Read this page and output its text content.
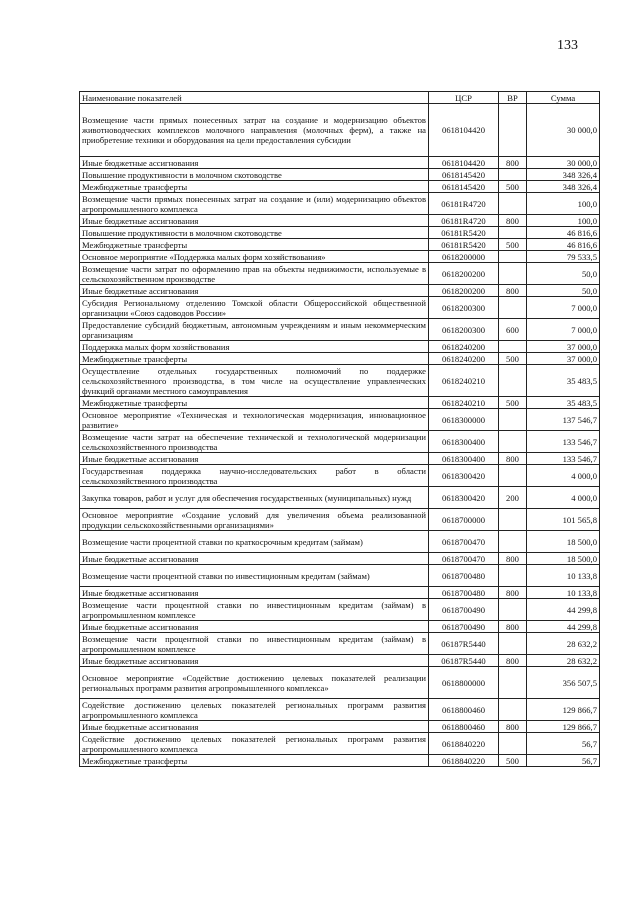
133
Наименование показателей	ЦСР	ВР	Сумма
Возмещение части прямых понесенных затрат на создание и модернизацию объектов животноводческих комплексов молочного направления (молочных ферм), а также на приобретение техники и оборудования на цели предоставления субсидии	0618104420		30 000,0
Иные бюджетные ассигнования	0618104420	800	30 000,0
Повышение продуктивности в молочном скотоводстве	0618145420		348 326,4
Межбюджетные трансферты	0618145420	500	348 326,4
Возмещение части прямых понесенных затрат на создание и (или) модернизацию объектов агропромышленного комплекса	06181R4720		100,0
Иные бюджетные ассигнования	06181R4720	800	100,0
Повышение продуктивности в молочном скотоводстве	06181R5420		46 816,6
Межбюджетные трансферты	06181R5420	500	46 816,6
Основное мероприятие «Поддержка малых форм хозяйствования»	0618200000		79 533,5
Возмещение части затрат по оформлению прав на объекты недвижимости, используемые в сельскохозяйственном производстве	0618200200		50,0
Иные бюджетные ассигнования	0618200200	800	50,0
Субсидия Региональному отделению Томской области Общероссийской общественной организации «Союз садоводов России»	0618200300		7 000,0
Предоставление субсидий бюджетным, автономным учреждениям и иным некоммерческим организациям	0618200300	600	7 000,0
Поддержка малых форм хозяйствования	0618240200		37 000,0
Межбюджетные трансферты	0618240200	500	37 000,0
Осуществление отдельных государственных полномочий по поддержке сельскохозяйственного производства, в том числе на осуществление управленческих функций органами местного самоуправления	0618240210		35 483,5
Межбюджетные трансферты	0618240210	500	35 483,5
Основное мероприятие «Техническая и технологическая модернизация, инновационное развитие»	0618300000		137 546,7
Возмещение части затрат на обеспечение технической и технологической модернизации сельскохозяйственного производства	0618300400		133 546,7
Иные бюджетные ассигнования	0618300400	800	133 546,7
Государственная поддержка научно-исследовательских работ в области сельскохозяйственного производства	0618300420		4 000,0
Закупка товаров, работ и услуг для обеспечения государственных (муниципальных) нужд	0618300420	200	4 000,0
Основное мероприятие «Создание условий для увеличения объема реализованной продукции сельскохозяйственными организациями»	0618700000		101 565,8
Возмещение части процентной ставки по краткосрочным кредитам (займам)	0618700470		18 500,0
Иные бюджетные ассигнования	0618700470	800	18 500,0
Возмещение части процентной ставки по инвестиционным кредитам (займам)	0618700480		10 133,8
Иные бюджетные ассигнования	0618700480	800	10 133,8
Возмещение части процентной ставки по инвестиционным кредитам (займам) в агропромышленном комплексе	0618700490		44 299,8
Иные бюджетные ассигнования	0618700490	800	44 299,8
Возмещение части процентной ставки по инвестиционным кредитам (займам) в агропромышленном комплексе	06187R5440		28 632,2
Иные бюджетные ассигнования	06187R5440	800	28 632,2
Основное мероприятие «Содействие достижению целевых показателей реализации региональных программ развития агропромышленного комплекса»	0618800000		356 507,5
Содействие достижению целевых показателей региональных программ развития агропромышленного комплекса	0618800460		129 866,7
Иные бюджетные ассигнования	0618800460	800	129 866,7
Содействие достижению целевых показателей региональных программ развития агропромышленного комплекса	0618840220		56,7
Межбюджетные трансферты	0618840220	500	56,7
